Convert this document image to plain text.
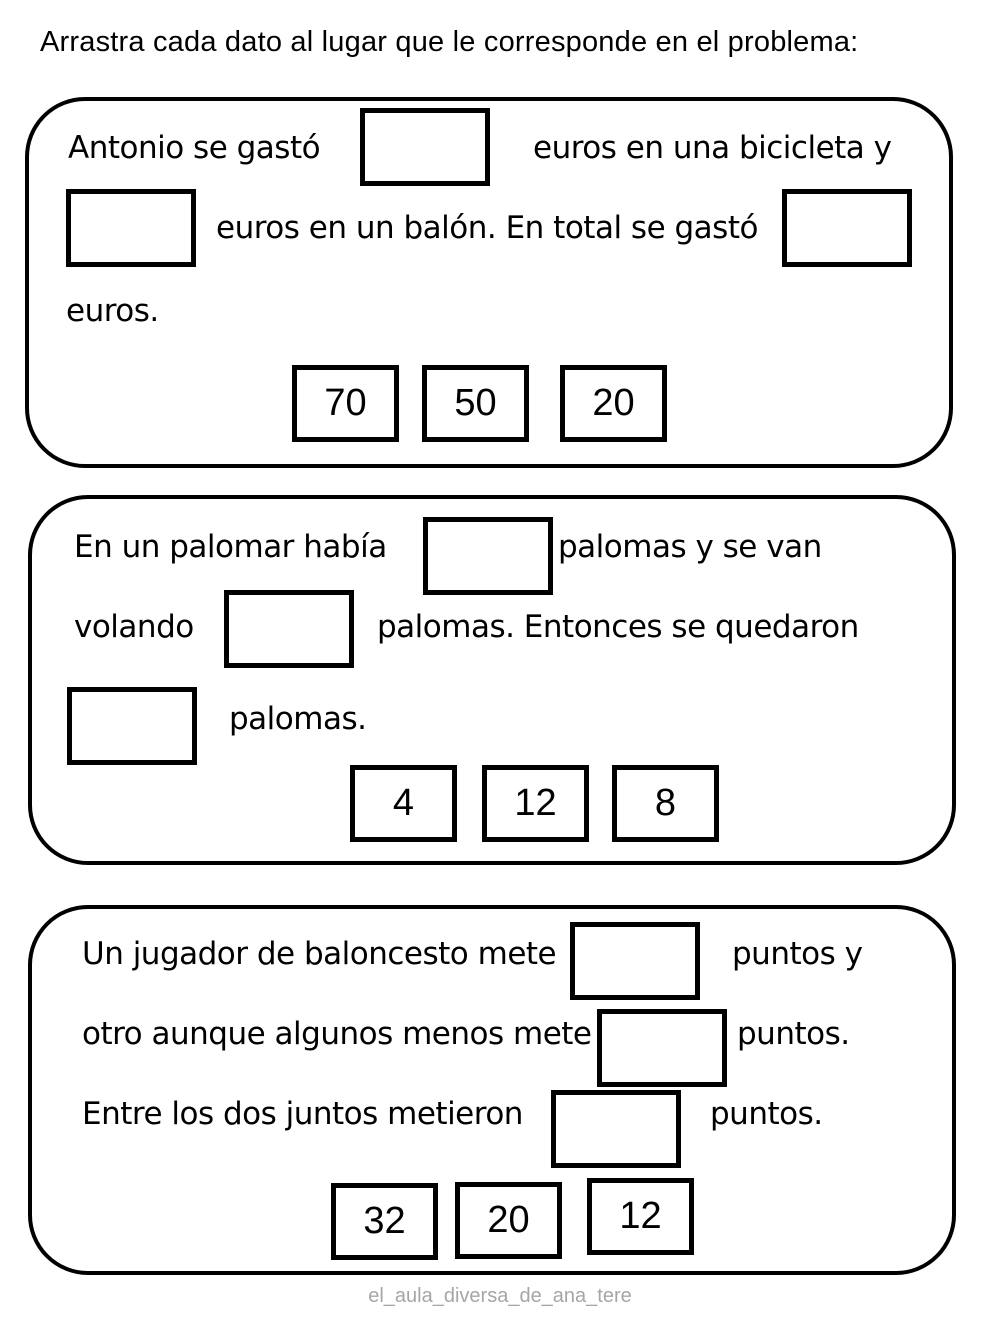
Arrastra cada dato al lugar que le corresponde en el problema:
Antonio se gastó	euros en una bicicleta y
euros en un balón. En total se gastó
euros.
70	50	20
En un palomar había	palomas y se van
volando	palomas. Entonces se quedaron
palomas.
4	12	8
Un jugador de baloncesto mete	puntos y
otro aunque algunos menos mete	puntos.
Entre los dos juntos metieron	puntos.
32	20	12
el_aula_diversa_de_ana_tere
